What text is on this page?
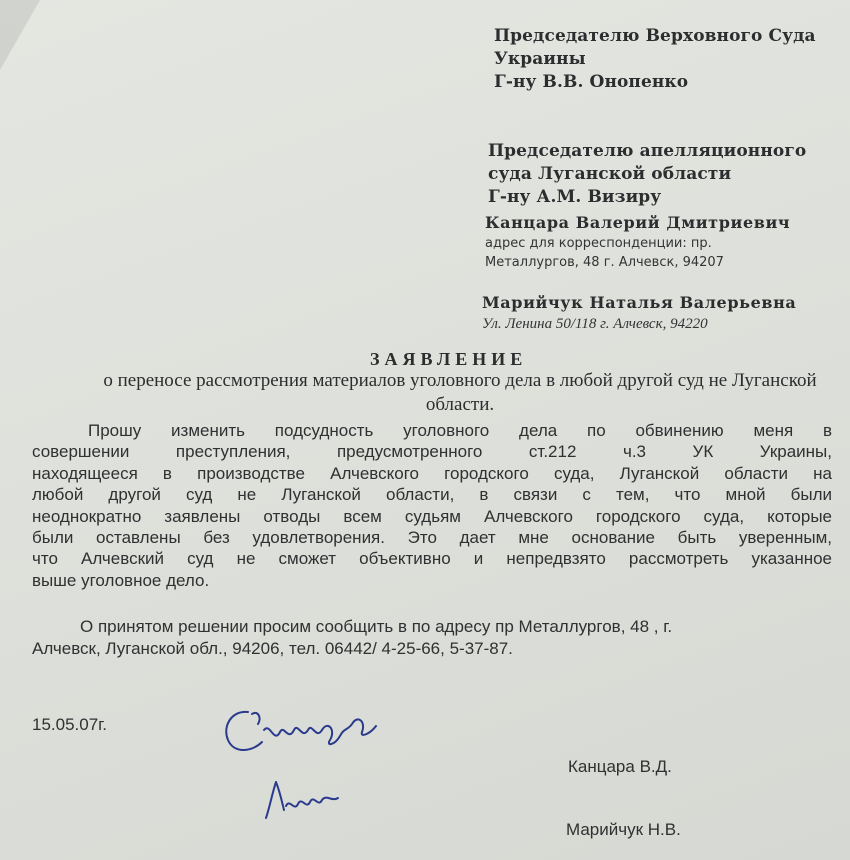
Председателю Верховного Суда
Украины
Г-ну В.В. Онопенко
Председателю апелляционного
суда Луганской области
Г-ну А.М. Визиру
Канцара Валерий Дмитриевич
адрес для корреспонденции: пр.
Металлургов, 48 г. Алчевск, 94207
Марийчук Наталья Валерьевна
Ул. Ленина 50/118 г. Алчевск, 94220
ЗАЯВЛЕНИЕ
о переносе рассмотрения материалов уголовного дела в любой другой суд не Луганской области.
Прошу изменить подсудность уголовного дела по обвинению меня в
совершении преступления, предусмотренного ст.212 ч.3 УК Украины,
находящееся в производстве Алчевского городского суда, Луганской области на
любой другой суд не Луганской области, в связи с тем, что мной были
неоднократно заявлены отводы всем судьям Алчевского городского суда, которые
были оставлены без удовлетворения. Это дает мне основание быть уверенным,
что Алчевский суд не сможет объективно и непредвзято рассмотреть указанное
выше уголовное дело.
О принятом решении просим сообщить в по адресу пр Металлургов, 48 , г.
Алчевск, Луганской обл., 94206, тел. 06442/ 4-25-66, 5-37-87.
15.05.07г.
Канцара В.Д.
Марийчук Н.В.
